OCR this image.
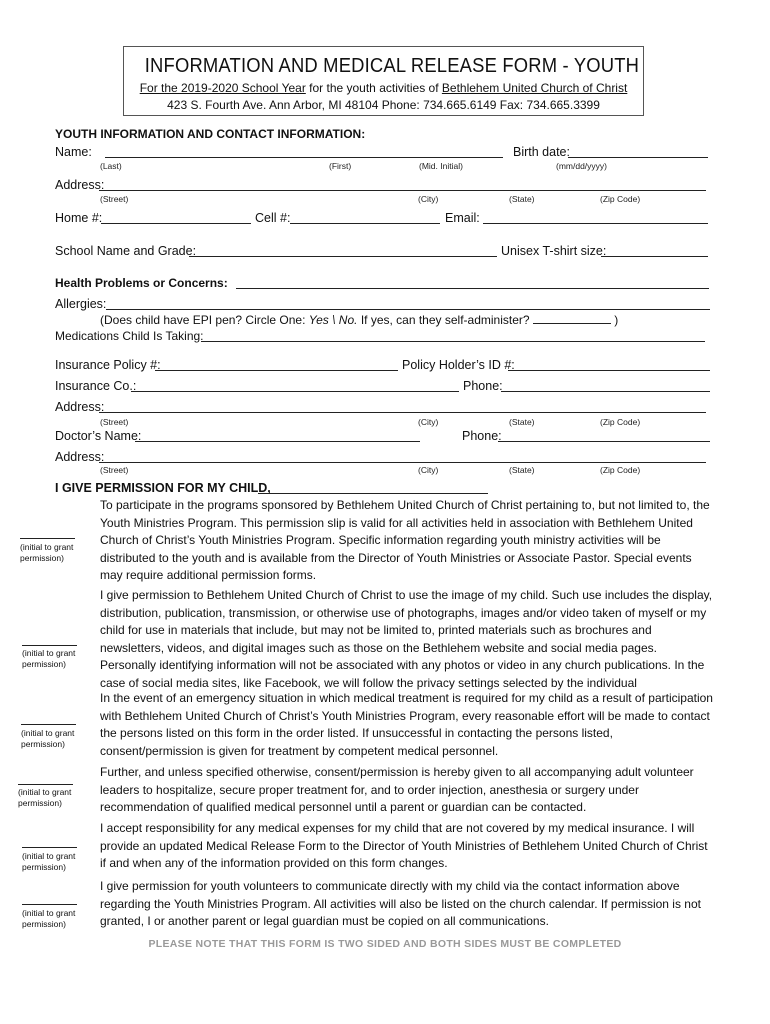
INFORMATION AND MEDICAL RELEASE FORM - YOUTH
For the 2019-2020 School Year for the youth activities of Bethlehem United Church of Christ
423 S. Fourth Ave. Ann Arbor, MI 48104 Phone: 734.665.6149 Fax: 734.665.3399
YOUTH INFORMATION AND CONTACT INFORMATION:
Name:	Birth date:
(Last)	(First)	(Mid. Initial)	(mm/dd/yyyy)
Address:
(Street)	(City)	(State)	(Zip Code)
Home #:	Cell #:	Email:
School Name and Grade:	Unisex T-shirt size:
Health Problems or Concerns:
Allergies:
(Does child have EPI pen? Circle One: Yes \ No. If yes, can they self-administer?	)
Medications Child Is Taking:
Insurance Policy #:	Policy Holder’s ID #:
Insurance Co.:	Phone:
Address:
(Street)	(City)	(State)	(Zip Code)
Doctor’s Name:	Phone:
Address:
(Street)	(City)	(State)	(Zip Code)
I GIVE PERMISSION FOR MY CHILD,

To participate in the programs sponsored by Bethlehem United Church of Christ pertaining to, but not limited to, the Youth Ministries Program. This permission slip is valid for all activities held in association with Bethlehem United Church of Christ’s Youth Ministries Program. Specific information regarding youth ministry activities will be distributed to the youth and is available from the Director of Youth Ministries or Associate Pastor. Special events may require additional permission forms.

(initial to grant permission)

I give permission to Bethlehem United Church of Christ to use the image of my child. Such use includes the display, distribution, publication, transmission, or otherwise use of photographs, images and/or video taken of myself or my child for use in materials that include, but may not be limited to, printed materials such as brochures and newsletters, videos, and digital images such as those on the Bethlehem website and social media pages. Personally identifying information will not be associated with any photos or video in any church publications. In the case of social media sites, like Facebook, we will follow the privacy settings selected by the individual

(initial to grant permission)

In the event of an emergency situation in which medical treatment is required for my child as a result of participation with Bethlehem United Church of Christ’s Youth Ministries Program, every reasonable effort will be made to contact the persons listed on this form in the order listed. If unsuccessful in contacting the persons listed, consent/permission is given for treatment by competent medical personnel.

(initial to grant permission)

Further, and unless specified otherwise, consent/permission is hereby given to all accompanying adult volunteer leaders to hospitalize, secure proper treatment for, and to order injection, anesthesia or surgery under recommendation of qualified medical personnel until a parent or guardian can be contacted.

(initial to grant permission)

I accept responsibility for any medical expenses for my child that are not covered by my medical insurance. I will provide an updated Medical Release Form to the Director of Youth Ministries of Bethlehem United Church of Christ if and when any of the information provided on this form changes.

(initial to grant permission)

I give permission for youth volunteers to communicate directly with my child via the contact information above regarding the Youth Ministries Program. All activities will also be listed on the church calendar. If permission is not granted, I or another parent or legal guardian must be copied on all communications.

(initial to grant permission)
PLEASE NOTE THAT THIS FORM IS TWO SIDED AND BOTH SIDES MUST BE COMPLETED
